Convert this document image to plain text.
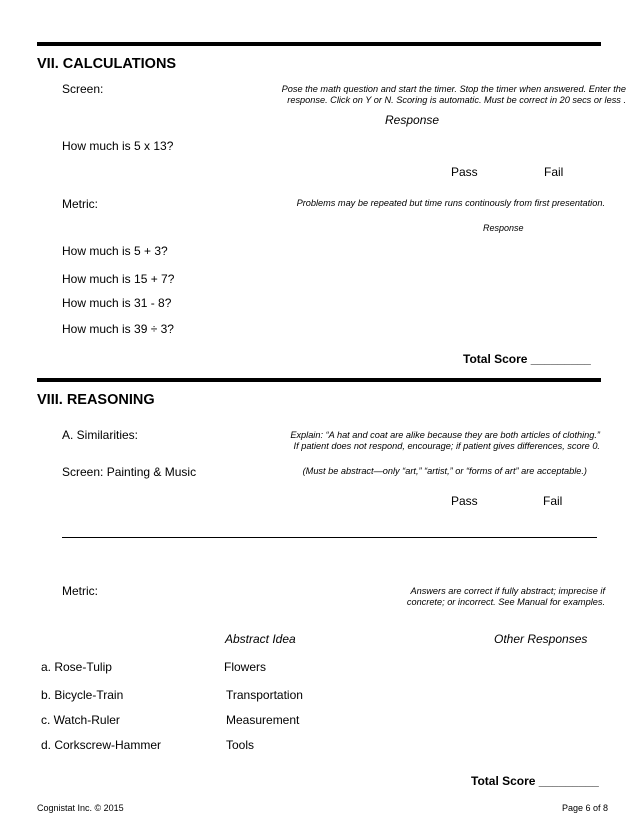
VII. CALCULATIONS
Screen:	Pose the math question and start the timer. Stop the timer when answered. Enter the
response. Click on Y or N. Scoring is automatic. Must be correct in 20 secs or less .
Response
How much is 5 x 13?
Pass	Fail
Metric:	Problems may be repeated but time runs continously from first presentation.
Response
How much is 5 + 3?
How much is 15 + 7?
How much is 31 - 8?
How much is 39 ÷ 3?
Total Score _________
VIII. REASONING
A. Similarities:	Explain: “A hat and coat are alike because they are both articles of clothing.”
If patient does not respond, encourage; if patient gives differences, score 0.
Screen: Painting & Music	(Must be abstract—only “art,” “artist,” or “forms of art” are acceptable.)
Pass	Fail
Metric:	Answers are correct if fully abstract; imprecise if
concrete; or incorrect. See Manual for examples.
Abstract Idea	Other Responses
a. Rose-Tulip	Flowers
b. Bicycle-Train	Transportation
c. Watch-Ruler	Measurement
d. Corkscrew-Hammer	Tools
Total Score _________
Cognistat Inc. © 2015	Page 6 of 8
